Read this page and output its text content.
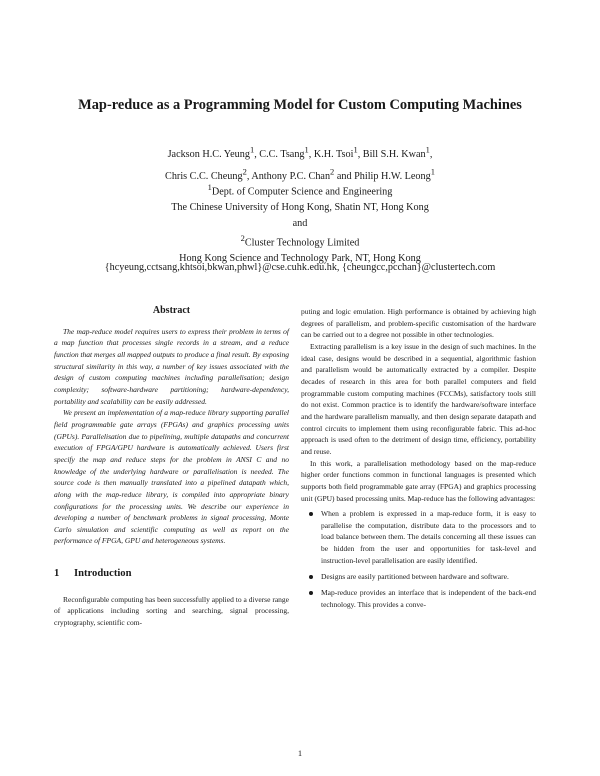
Map-reduce as a Programming Model for Custom Computing Machines
Jackson H.C. Yeung$^1$, C.C. Tsang$^1$, K.H. Tsoi$^1$, Bill S.H. Kwan$^1$,
Chris C.C. Cheung$^2$, Anthony P.C. Chan$^2$ and Philip H.W. Leong$^1$
$^1$Dept. of Computer Science and Engineering
The Chinese University of Hong Kong, Shatin NT, Hong Kong
and
$^2$Cluster Technology Limited
Hong Kong Science and Technology Park, NT, Hong Kong
{hcyeung,cctsang,khtsoi,bkwan,phwl}@cse.cuhk.edu.hk, {cheungcc,pcchan}@clustertech.com
Abstract

The map-reduce model requires users to express their problem in terms of a map function that processes single records in a stream, and a reduce function that merges all mapped outputs to produce a final result. By exposing structural similarity in this way, a number of key issues associated with the design of custom computing machines including parallelisation; design complexity; software-hardware partitioning; hardware-dependency, portability and scalability can be easily addressed.

We present an implementation of a map-reduce library supporting parallel field programmable gate arrays (FPGAs) and graphics processing units (GPUs). Parallelisation due to pipelining, multiple datapaths and concurrent execution of FPGA/GPU hardware is automatically achieved. Users first specify the map and reduce steps for the problem in ANSI C and no knowledge of the underlying hardware or parallelisation is needed. The source code is then manually translated into a pipelined datapath which, along with the map-reduce library, is compiled into appropriate binary configurations for the processing units. We describe our experience in developing a number of benchmark problems in signal processing, Monte Carlo simulation and scientific computing as well as report on the performance of FPGA, GPU and heterogeneous systems.

1 Introduction

Reconfigurable computing has been successfully applied to a diverse range of applications including sorting and searching, signal processing, cryptography, scientific com-

puting and logic emulation. High performance is obtained by achieving high degrees of parallelism, and problem-specific customisation of the hardware can be carried out to a degree not possible in other technologies.

Extracting parallelism is a key issue in the design of such machines. In the ideal case, designs would be described in a sequential, algorithmic fashion and parallelism would be automatically extracted by a compiler. Despite decades of research in this area for both parallel computers and field programmable custom computing machines (FCCMs), satisfactory tools still do not exist. Common practice is to identify the hardware/software interface and the hardware parallelism manually, and then design separate datapath and control circuits to implement them using reconfigurable fabric. This ad-hoc approach is used often to the detriment of design time, efficiency, portability and reuse.

In this work, a parallelisation methodology based on the map-reduce higher order functions common in functional languages is presented which supports both field programmable gate array (FPGA) and graphics processing unit (GPU) based processing units. Map-reduce has the following advantages:

When a problem is expressed in a map-reduce form, it is easy to parallelise the computation, distribute data to the processors and to load balance between them. The details concerning all these issues can be hidden from the user and opportunities for task-level and instruction-level parallelisation are easily identified.
Designs are easily partitioned between hardware and software.
Map-reduce provides an interface that is independent of the back-end technology. This provides a conve-
1
